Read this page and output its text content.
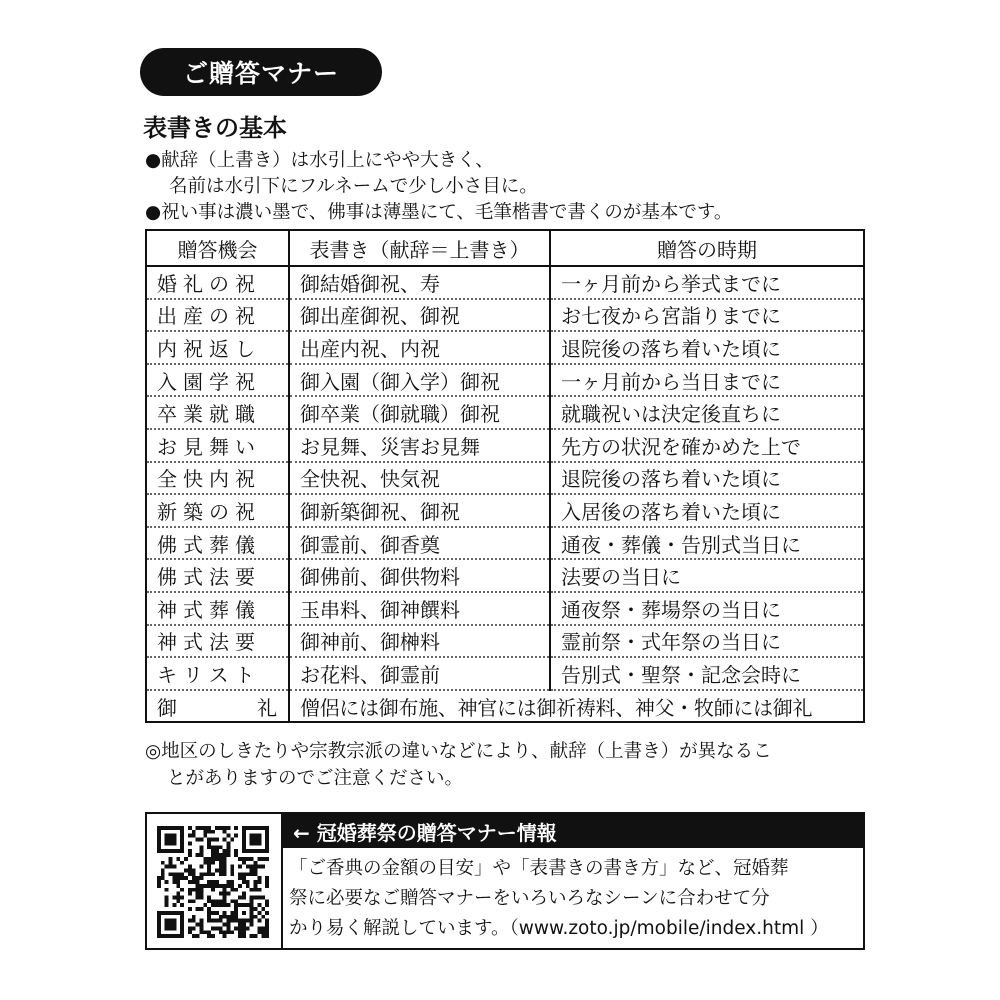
ご贈答マナー
表書きの基本
●献辞（上書き）は水引上にやや大きく、
名前は水引下にフルネームで少し小さ目に。
●祝い事は濃い墨で、佛事は薄墨にて、毛筆楷書で書くのが基本です。
贈答機会	表書き（献辞＝上書き）	贈答の時期
婚礼の祝	御結婚御祝、寿	一ヶ月前から挙式までに
出産の祝	御出産御祝、御祝	お七夜から宮詣りまでに
内祝返し	出産内祝、内祝	退院後の落ち着いた頃に
入園学祝	御入園（御入学）御祝	一ヶ月前から当日までに
卒業就職	御卒業（御就職）御祝	就職祝いは決定後直ちに
お見舞い	お見舞、災害お見舞	先方の状況を確かめた上で
全快内祝	全快祝、快気祝	退院後の落ち着いた頃に
新築の祝	御新築御祝、御祝	入居後の落ち着いた頃に
佛式葬儀	御霊前、御香奠	通夜・葬儀・告別式当日に
佛式法要	御佛前、御供物料	法要の当日に
神式葬儀	玉串料、御神饌料	通夜祭・葬場祭の当日に
神式法要	御神前、御榊料	霊前祭・式年祭の当日に
キリスト	お花料、御霊前	告別式・聖祭・記念会時に
御 礼	僧侶には御布施、神官には御祈祷料、神父・牧師には御礼	
◎地区のしきたりや宗教宗派の違いなどにより、献辞（上書き）が異なるこ
とがありますのでご注意ください。
← 冠婚葬祭の贈答マナー情報
「ご香典の金額の目安」や「表書きの書き方」など、冠婚葬
祭に必要なご贈答マナーをいろいろなシーンに合わせて分
かり易く解説しています。（www.zoto.jp/mobile/index.html ）
